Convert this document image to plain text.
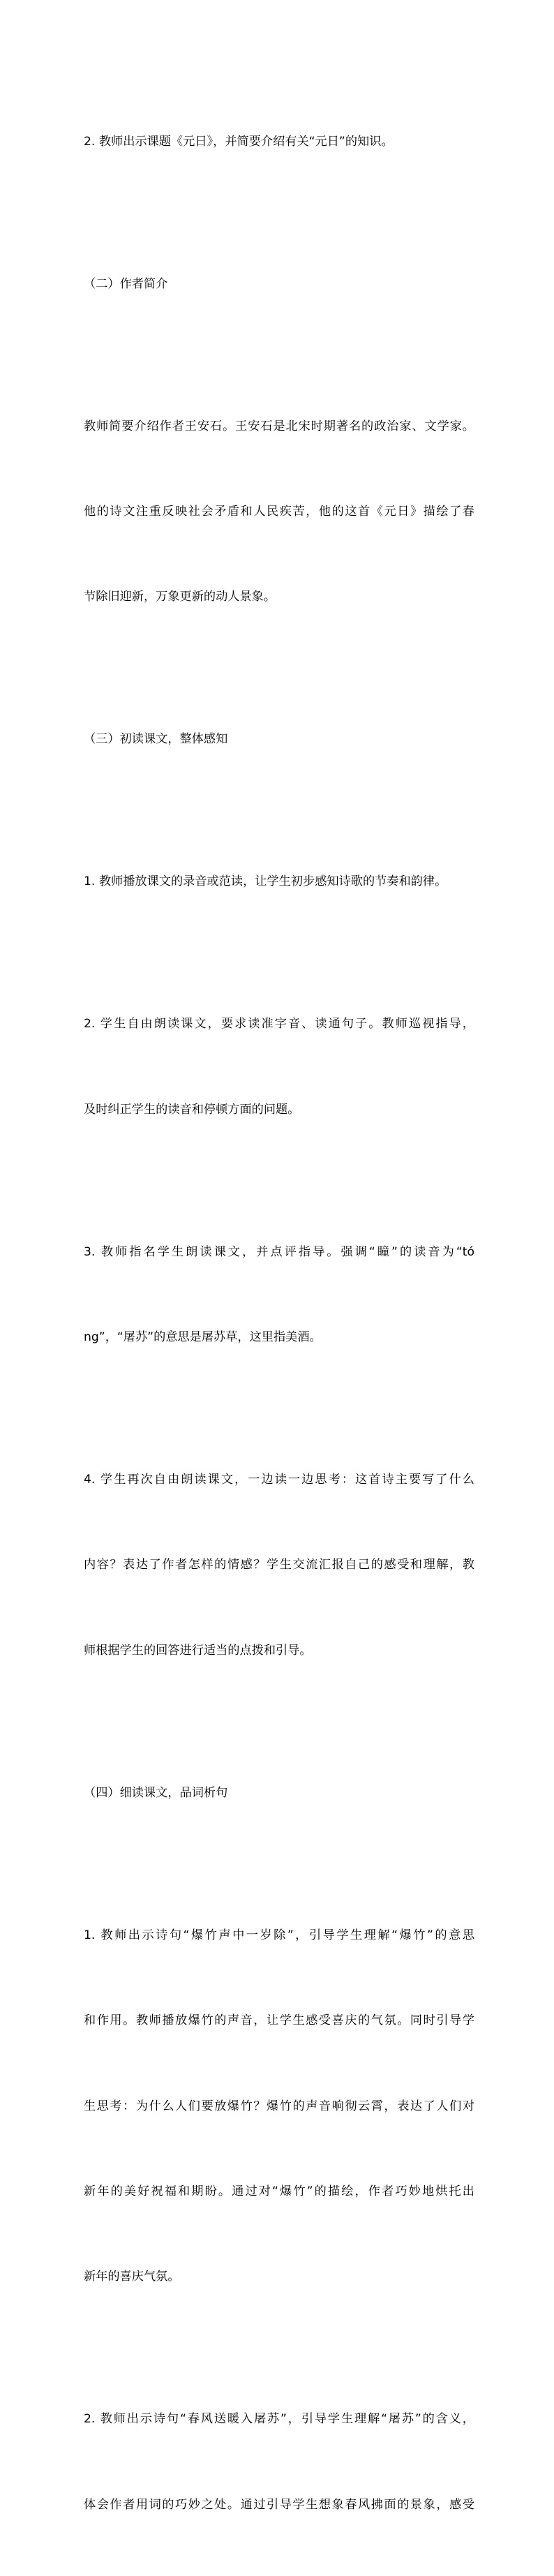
2. 教师出示课题《元日》，并简要介绍有关“元日”的知识。

（二）作者简介

教师简要介绍作者王安石。王安石是北宋时期著名的政治家、文学家。

他的诗文注重反映社会矛盾和人民疾苦，他的这首《元日》描绘了春

节除旧迎新，万象更新的动人景象。

（三）初读课文，整体感知

1. 教师播放课文的录音或范读，让学生初步感知诗歌的节奏和韵律。

2. 学生自由朗读课文，要求读准字音、读通句子。教师巡视指导，

及时纠正学生的读音和停顿方面的问题。

3. 教师指名学生朗读课文，并点评指导。强调“瞳”的读音为“tó

ng”，“屠苏”的意思是屠苏草，这里指美酒。

4. 学生再次自由朗读课文，一边读一边思考：这首诗主要写了什么

内容？表达了作者怎样的情感？学生交流汇报自己的感受和理解，教

师根据学生的回答进行适当的点拨和引导。

（四）细读课文，品词析句

1. 教师出示诗句“爆竹声中一岁除”，引导学生理解“爆竹”的意思

和作用。教师播放爆竹的声音，让学生感受喜庆的气氛。同时引导学

生思考：为什么人们要放爆竹？爆竹的声音响彻云霄，表达了人们对

新年的美好祝福和期盼。通过对“爆竹”的描绘，作者巧妙地烘托出

新年的喜庆气氛。

2. 教师出示诗句“春风送暖入屠苏”，引导学生理解“屠苏”的含义，

体会作者用词的巧妙之处。通过引导学生想象春风拂面的景象，感受
